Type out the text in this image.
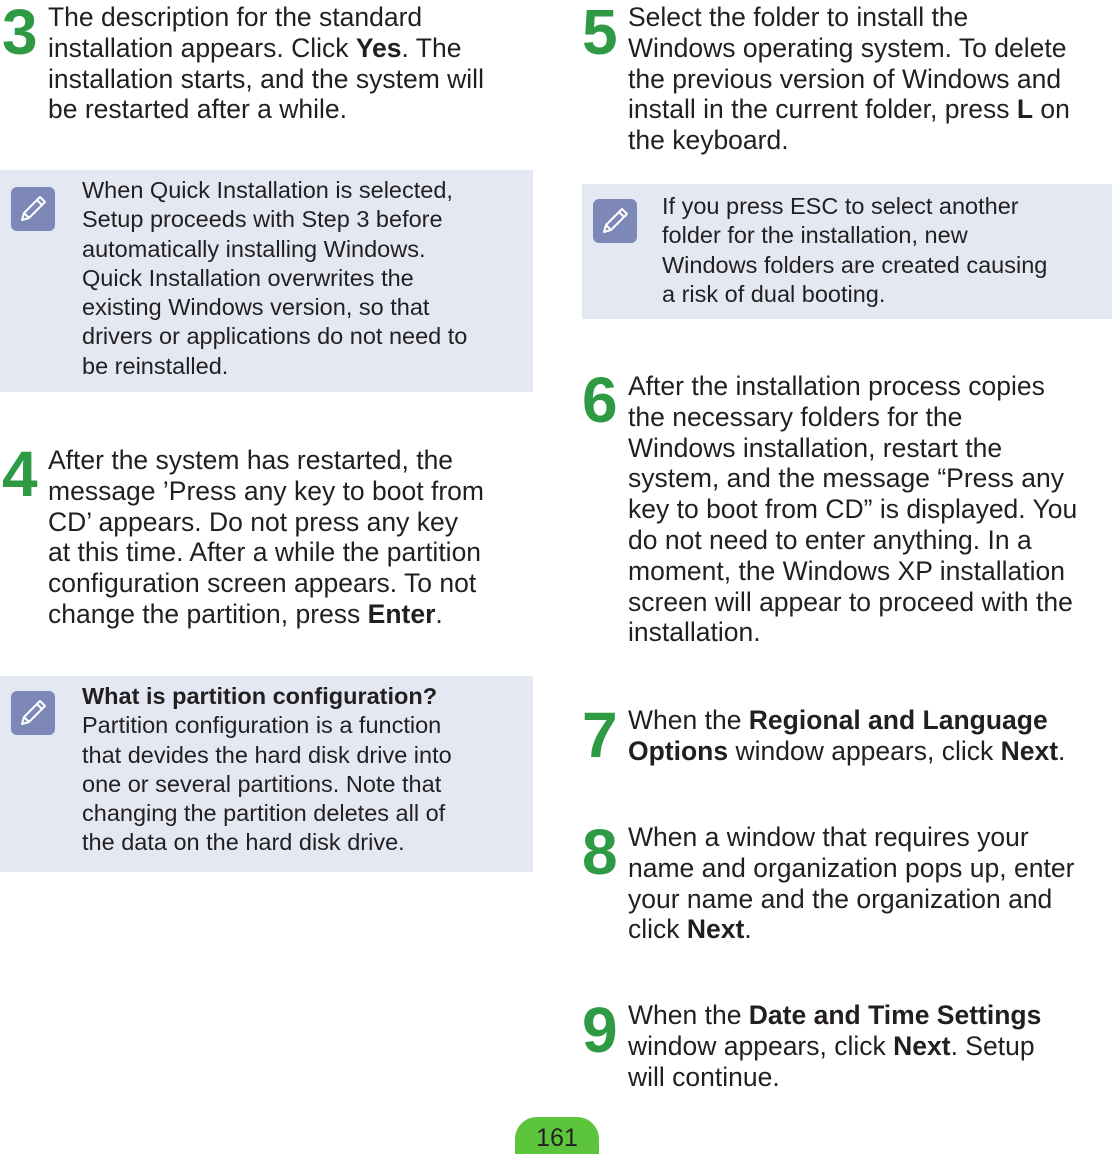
3 The description for the standard
installation appears. Click Yes. The
installation starts, and the system will
be restarted after a while.
When Quick Installation is selected,
Setup proceeds with Step 3 before
automatically installing Windows.
Quick Installation overwrites the
existing Windows version, so that
drivers or applications do not need to
be reinstalled.
4 After the system has restarted, the
message ’Press any key to boot from
CD’ appears. Do not press any key
at this time. After a while the partition
configuration screen appears. To not
change the partition, press Enter.
What is partition configuration?
Partition configuration is a function
that devides the hard disk drive into
one or several partitions. Note that
changing the partition deletes all of
the data on the hard disk drive.
5 Select the folder to install the
Windows operating system. To delete
the previous version of Windows and
install in the current folder, press L on
the keyboard.
If you press ESC to select another
folder for the installation, new
Windows folders are created causing
a risk of dual booting.
6 After the installation process copies
the necessary folders for the
Windows installation, restart the
system, and the message “Press any
key to boot from CD” is displayed. You
do not need to enter anything. In a
moment, the Windows XP installation
screen will appear to proceed with the
installation.
7 When the Regional and Language
Options window appears, click Next.
8 When a window that requires your
name and organization pops up, enter
your name and the organization and
click Next.
9 When the Date and Time Settings
window appears, click Next. Setup
will continue.
161
